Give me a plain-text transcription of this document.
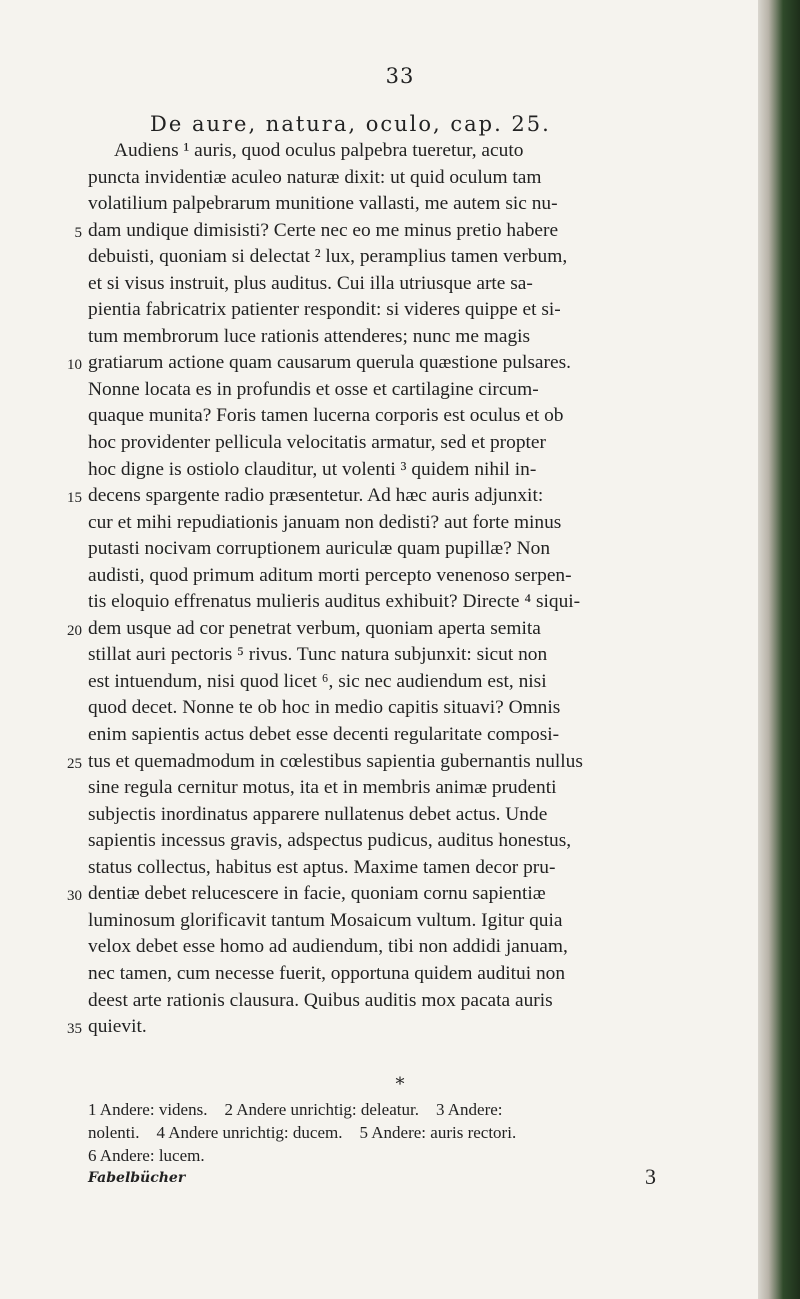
33
De aure, natura, oculo, cap. 25.
Audiens ¹ auris, quod oculus palpebra tueretur, acuto
puncta invidentiæ aculeo naturæ dixit: ut quid oculum tam
volatilium palpebrarum munitione vallasti, me autem sic nu-
5 dam undique dimisisti? Certe nec eo me minus pretio habere
debuisti, quoniam si delectat ² lux, peramplius tamen verbum,
et si visus instruit, plus auditus. Cui illa utriusque arte sa-
pientia fabricatrix patienter respondit: si videres quippe et si-
tum membrorum luce rationis attenderes; nunc me magis
10 gratiarum actione quam causarum querula quæstione pulsares.
Nonne locata es in profundis et osse et cartilagine circum-
quaque munita? Foris tamen lucerna corporis est oculus et ob
hoc providenter pellicula velocitatis armatur, sed et propter
hoc digne is ostiolo clauditur, ut volenti ³ quidem nihil in-
15 decens spargente radio præsentetur. Ad hæc auris adjunxit:
cur et mihi repudiationis januam non dedisti? aut forte minus
putasti nocivam corruptionem auriculæ quam pupillæ? Non
audisti, quod primum aditum morti percepto venenoso serpen-
tis eloquio effrenatus mulieris auditus exhibuit? Directe ⁴ siqui-
20 dem usque ad cor penetrat verbum, quoniam aperta semita
stillat auri pectoris ⁵ rivus. Tunc natura subjunxit: sicut non
est intuendum, nisi quod licet ⁶, sic nec audiendum est, nisi
quod decet. Nonne te ob hoc in medio capitis situavi? Omnis
enim sapientis actus debet esse decenti regularitate composi-
25 tus et quemadmodum in cœlestibus sapientia gubernantis nullus
sine regula cernitur motus, ita et in membris animæ prudenti
subjectis inordinatus apparere nullatenus debet actus. Unde
sapientis incessus gravis, adspectus pudicus, auditus honestus,
status collectus, habitus est aptus. Maxime tamen decor pru-
30 dentiæ debet relucescere in facie, quoniam cornu sapientiæ
luminosum glorificavit tantum Mosaicum vultum. Igitur quia
velox debet esse homo ad audiendum, tibi non addidi januam,
nec tamen, cum necesse fuerit, opportuna quidem auditui non
deest arte rationis clausura. Quibus auditis mox pacata auris
35 quievit.
*
1 Andere: videns.    2 Andere unrichtig: deleatur.    3 Andere:
nolenti.    4 Andere unrichtig: ducem.    5 Andere: auris rectori.
6 Andere: lucem.
Fabelbücher	3
